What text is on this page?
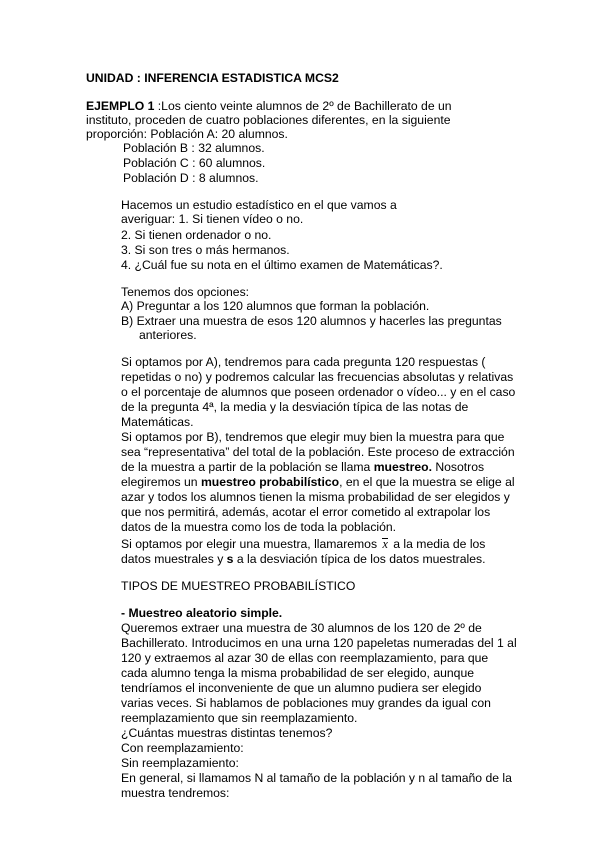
UNIDAD : INFERENCIA ESTADISTICA MCS2
EJEMPLO 1 :Los ciento veinte alumnos de 2º de Bachillerato de un
instituto, proceden de cuatro poblaciones diferentes, en la siguiente
proporción: Población A: 20 alumnos.
Población B : 32 alumnos.
Población C : 60 alumnos.
Población D : 8 alumnos.
Hacemos un estudio estadístico en el que vamos a
averiguar: 1. Si tienen vídeo o no.
2. Si tienen ordenador o no.
3. Si son tres o más hermanos.
4. ¿Cuál fue su nota en el último examen de Matemáticas?.
Tenemos dos opciones:
A) Preguntar a los 120 alumnos que forman la población.
B) Extraer una muestra de esos 120 alumnos y hacerles las preguntas
anteriores.
Si optamos por A), tendremos para cada pregunta 120 respuestas (
repetidas o no) y podremos calcular las frecuencias absolutas y relativas
o el porcentaje de alumnos que poseen ordenador o vídeo... y en el caso
de la pregunta 4ª, la media y la desviación típica de las notas de
Matemáticas.
Si optamos por B), tendremos que elegir muy bien la muestra para que
sea “representativa” del total de la población. Este proceso de extracción
de la muestra a partir de la población se llama muestreo. Nosotros
elegiremos un muestreo probabilístico, en el que la muestra se elige al
azar y todos los alumnos tienen la misma probabilidad de ser elegidos y
que nos permitirá, además, acotar el error cometido al extrapolar los
datos de la muestra como los de toda la población.
Si optamos por elegir una muestra, llamaremos x a la media de los
datos muestrales y s a la desviación típica de los datos muestrales.
TIPOS DE MUESTREO PROBABILÍSTICO
- Muestreo aleatorio simple.
Queremos extraer una muestra de 30 alumnos de los 120 de 2º de
Bachillerato. Introducimos en una urna 120 papeletas numeradas del 1 al
120 y extraemos al azar 30 de ellas con reemplazamiento, para que
cada alumno tenga la misma probabilidad de ser elegido, aunque
tendríamos el inconveniente de que un alumno pudiera ser elegido
varias veces. Si hablamos de poblaciones muy grandes da igual con
reemplazamiento que sin reemplazamiento.
¿Cuántas muestras distintas tenemos?
Con reemplazamiento:
Sin reemplazamiento:
En general, si llamamos N al tamaño de la población y n al tamaño de la
muestra tendremos:
